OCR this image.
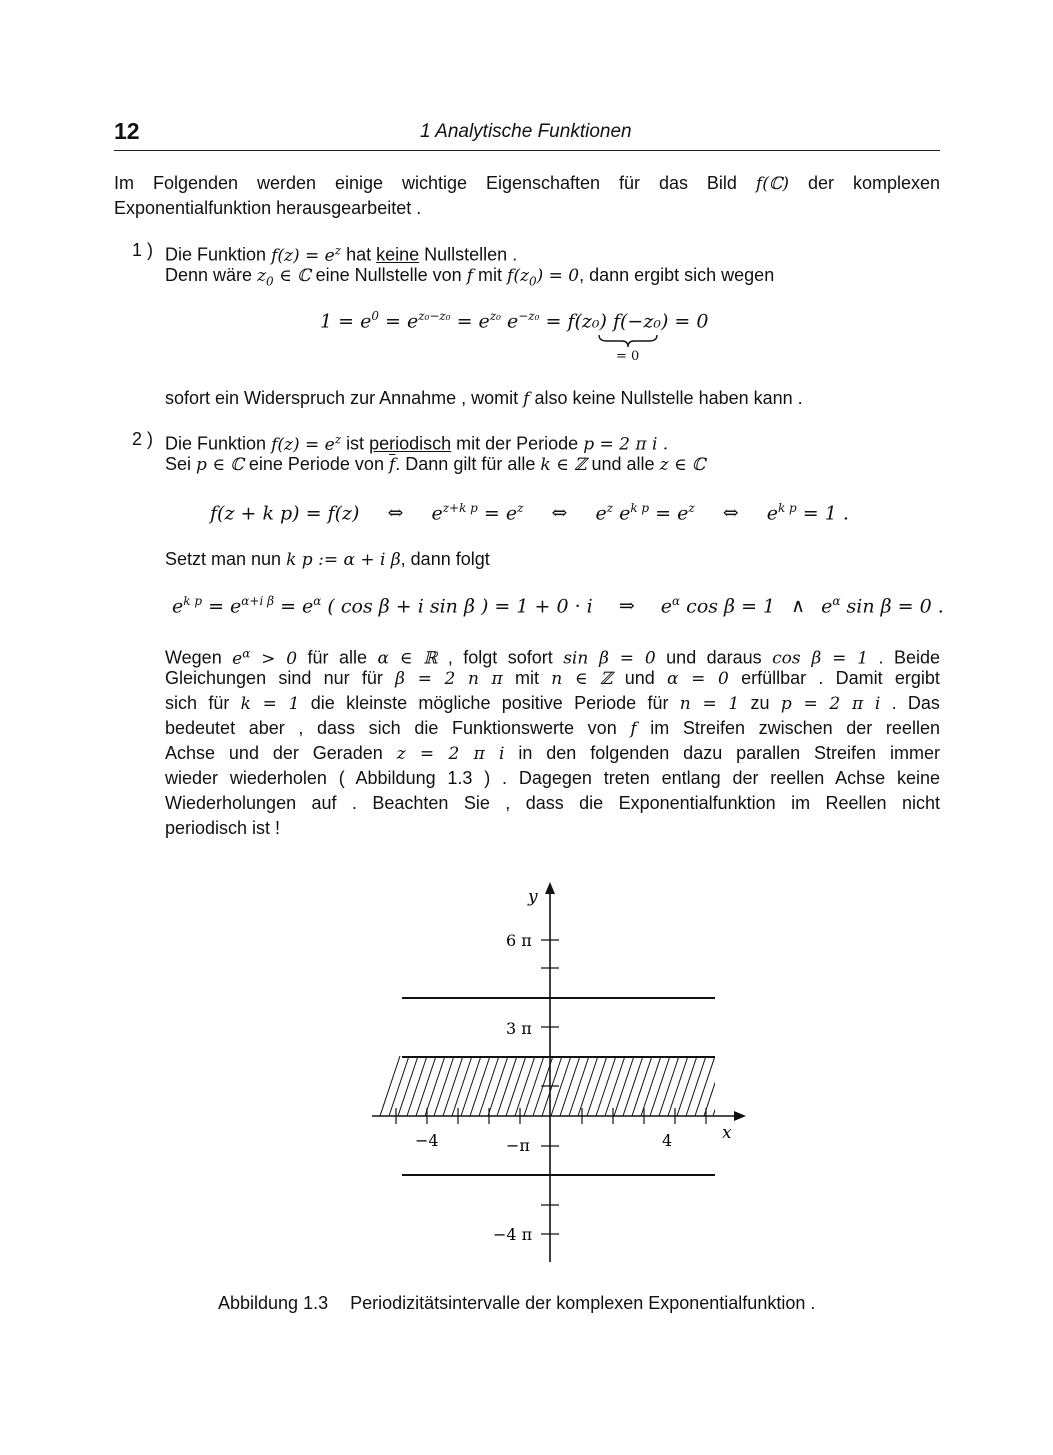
12	1 Analytische Funktionen
Im Folgenden werden einige wichtige Eigenschaften für das Bild f(ℂ) der komplexen
Exponentialfunktion herausgearbeitet .
1 ) Die Funktion $f(z) = e^z$ hat keine Nullstellen .
Denn wäre $z_0$ ∈ ℂ eine Nullstelle von f mit $f(z_0) = 0$, dann ergibt sich wegen
$1 = e^0 = e^{z_0-z_0} = e^{z_0}$ $e^{-z_0} = f(z_0) f(-z_0) = 0$
= 0
sofort ein Widerspruch zur Annahme , womit f also keine Nullstelle haben kann .
2 ) Die Funktion $f(z) = e^z$ ist periodisch mit der Periode p = 2 π i .
Sei p ∈ ℂ eine Periode von $\overline{f}$. Dann gilt für alle k ∈ ℤ und alle z ∈ ℂ
f(z + k p) = f(z) ⇔ $e^{z+k p} = e^z$ ⇔ $e^z$ $e^{k p} = e^z$ ⇔ $e^{k p} = 1$ .
Setzt man nun k p := α + i β, dann folgt
$e^{k p} = e^{\alpha+i \beta} = e^\alpha$ ( cos β + i sin β ) = 1 + 0 · i ⇒ $e^\alpha$ cos β = 1 ∧ $e^\alpha$ sin β = 0 .
Wegen $e^\alpha > 0$ für alle α ∈ ℝ , folgt sofort sin β = 0 und daraus cos β = 1 . Beide
Gleichungen sind nur für β = 2 n π mit n ∈ ℤ und α = 0 erfüllbar . Damit ergibt
sich für k = 1 die kleinste mögliche positive Periode für n = 1 zu p = 2 π i . Das
bedeutet aber , dass sich die Funktionswerte von f im Streifen zwischen der reellen
Achse und der Geraden z = 2 π i in den folgenden dazu parallen Streifen immer
wieder wiederholen ( Abbildung 1.3 ) . Dagegen treten entlang der reellen Achse keine
Wiederholungen auf . Beachten Sie , dass die Exponentialfunktion im Reellen nicht
periodisch ist !
y
x
6 π
3 π
−π
−4 π
−4	4
Abbildung 1.3 Periodizitätsintervalle der komplexen Exponentialfunktion .
